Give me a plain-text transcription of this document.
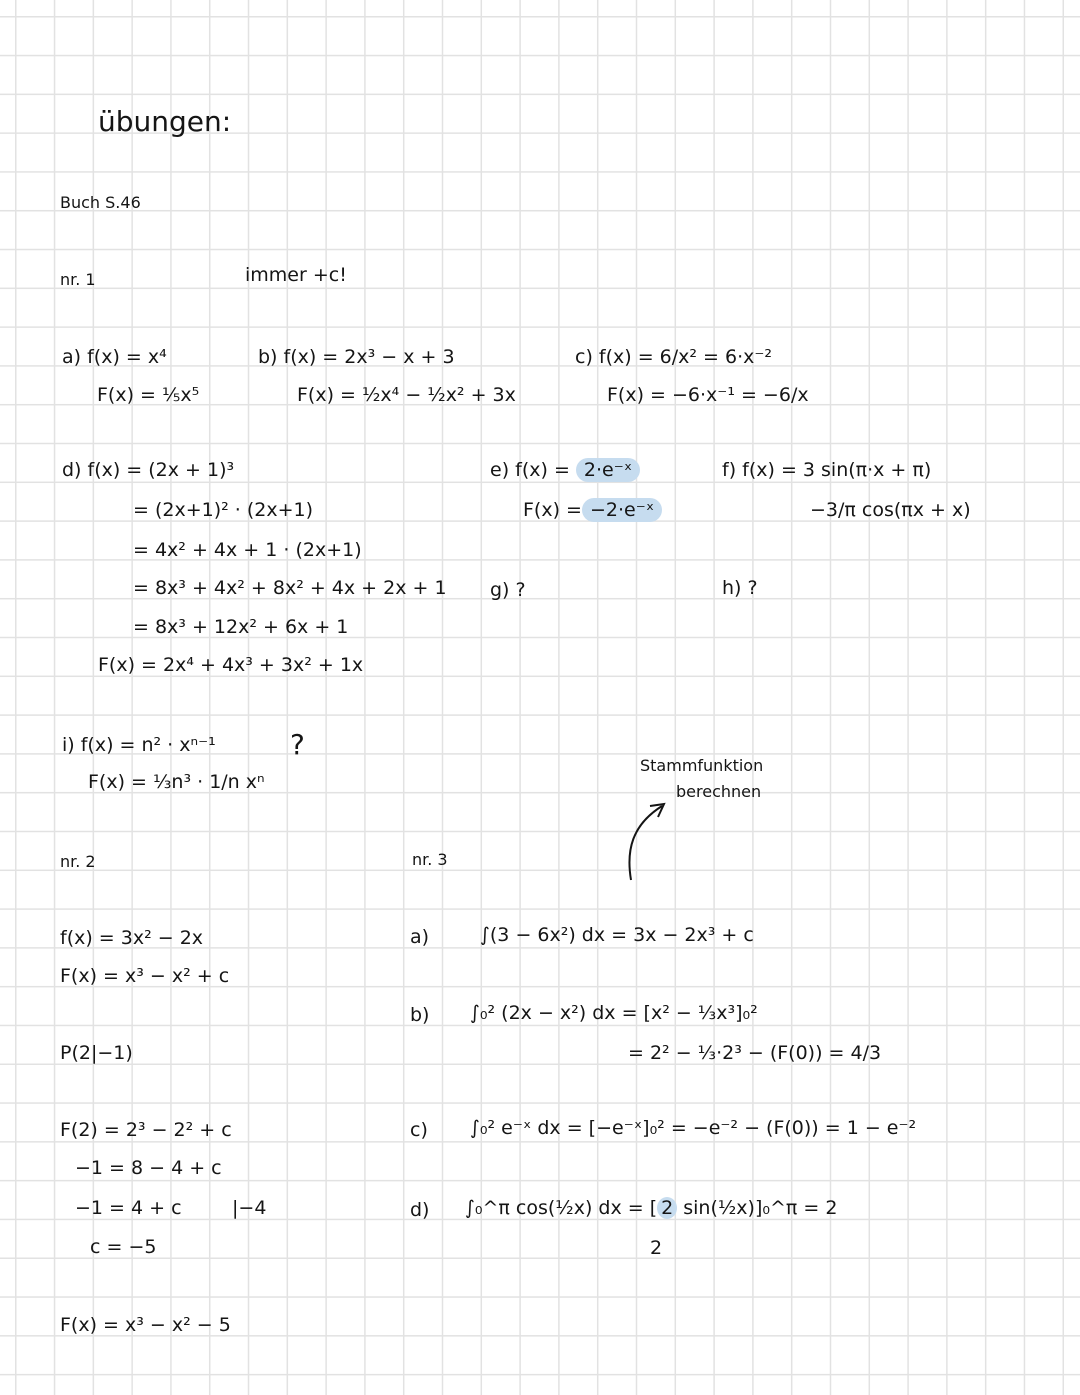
übungen:
Buch S.46
nr. 1	immer +c!
a) f(x) = x⁴
F(x) = ⅕x⁵
b) f(x) = 2x³ − x + 3
F(x) = ½x⁴ − ½x² + 3x
c) f(x) = 6/x² = 6·x⁻²
F(x) = −6·x⁻¹ = −6/x
d) f(x) = (2x + 1)³
= (2x+1)² · (2x+1)
= 4x² + 4x + 1 · (2x+1)
= 8x³ + 4x² + 8x² + 4x + 2x + 1
= 8x³ + 12x² + 6x + 1
F(x) = 2x⁴ + 4x³ + 3x² + 1x
e) f(x) = 2·e⁻ˣ
F(x) = −2·e⁻ˣ
f) f(x) = 3 sin(π·x + π)
−3/π cos(πx + x)
g) ?	h) ?
i) f(x) = n² · xⁿ⁻¹	?
F(x) = ⅓n³ · 1/n xⁿ
Stammfunktion
berechnen
nr. 2
f(x) = 3x² − 2x
F(x) = x³ − x² + c
P(2|−1)
F(2) = 2³ − 2² + c
−1 = 8 − 4 + c
−1 = 4 + c	|−4
c = −5
F(x) = x³ − x² − 5
nr. 3
a)	∫(3 − 6x²) dx = 3x − 2x³ + c
b) ∫₀² (2x − x²) dx = [x² − ⅓x³]₀²
= 2² − ⅓·2³ − (F(0)) = 4/3
c) ∫₀² e⁻ˣ dx = [−e⁻ˣ]₀² = −e⁻² − (F(0)) = 1 − e⁻²
d) ∫₀^π cos(½x) dx = [ 2 sin(½x)]₀^π = 2
2
